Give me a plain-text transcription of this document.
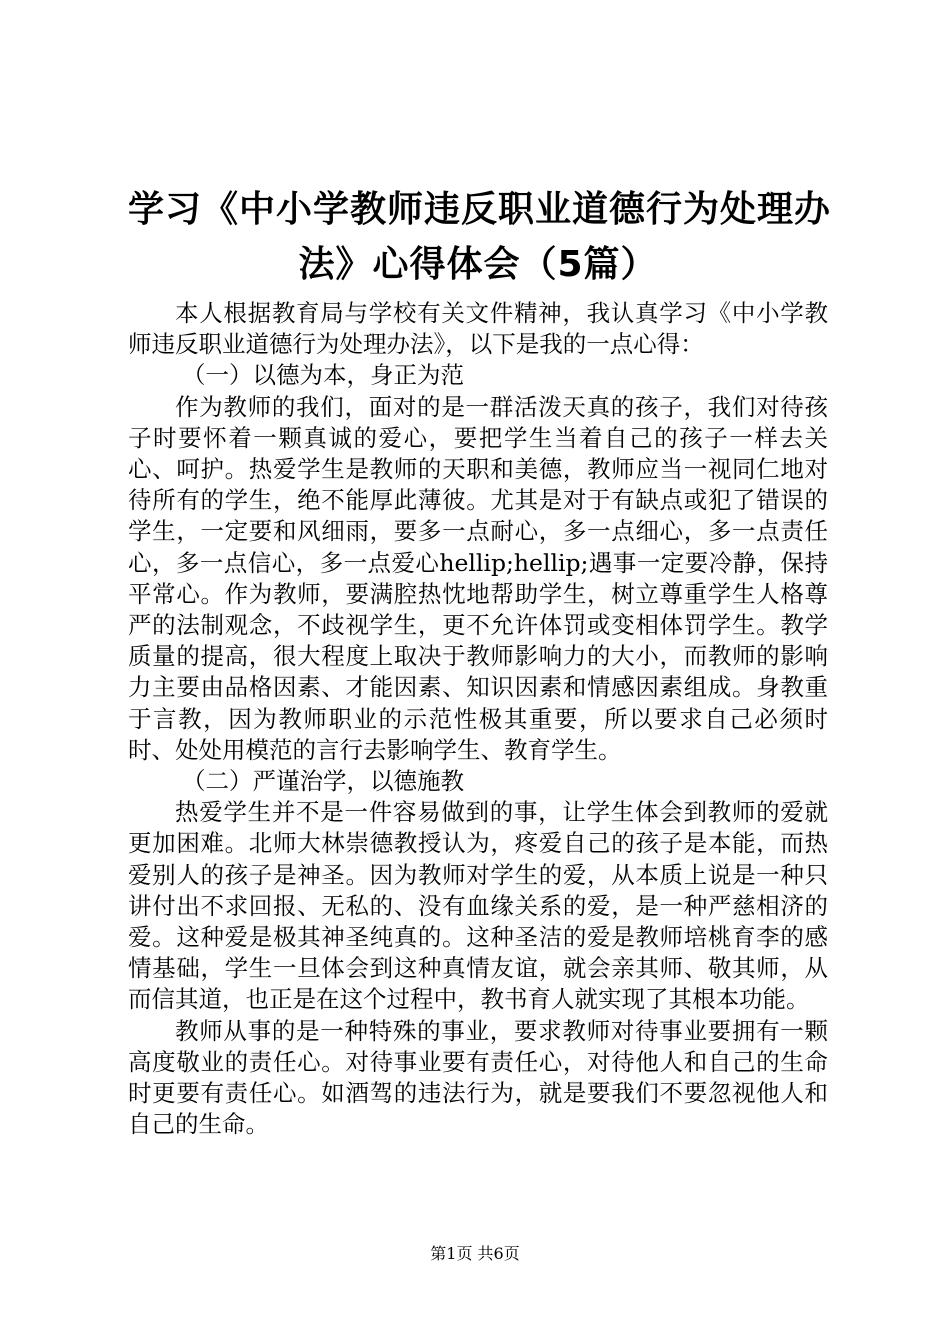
学习《中小学教师违反职业道德行为处理办
法》心得体会（5篇）

本人根据教育局与学校有关文件精神，我认真学习《中小学教师违反职业道德行为处理办法》，以下是我的一点心得：

（一）以德为本，身正为范

作为教师的我们，面对的是一群活泼天真的孩子，我们对待孩子时要怀着一颗真诚的爱心，要把学生当着自己的孩子一样去关心、呵护。热爱学生是教师的天职和美德，教师应当一视同仁地对待所有的学生，绝不能厚此薄彼。尤其是对于有缺点或犯了错误的学生，一定要和风细雨，要多一点耐心，多一点细心，多一点责任心，多一点信心，多一点爱心hellip;hellip;遇事一定要冷静，保持平常心。作为教师，要满腔热忱地帮助学生，树立尊重学生人格尊严的法制观念，不歧视学生，更不允许体罚或变相体罚学生。教学质量的提高，很大程度上取决于教师影响力的大小，而教师的影响力主要由品格因素、才能因素、知识因素和情感因素组成。身教重于言教，因为教师职业的示范性极其重要，所以要求自己必须时时、处处用模范的言行去影响学生、教育学生。

（二）严谨治学，以德施教

热爱学生并不是一件容易做到的事，让学生体会到教师的爱就更加困难。北师大林崇德教授认为，疼爱自己的孩子是本能，而热爱别人的孩子是神圣。因为教师对学生的爱，从本质上说是一种只讲付出不求回报、无私的、没有血缘关系的爱，是一种严慈相济的爱。这种爱是极其神圣纯真的。这种圣洁的爱是教师培桃育李的感情基础，学生一旦体会到这种真情友谊，就会亲其师、敬其师，从而信其道，也正是在这个过程中，教书育人就实现了其根本功能。

教师从事的是一种特殊的事业，要求教师对待事业要拥有一颗高度敬业的责任心。对待事业要有责任心，对待他人和自己的生命时更要有责任心。如酒驾的违法行为，就是要我们不要忽视他人和自己的生命。

第1页 共6页
